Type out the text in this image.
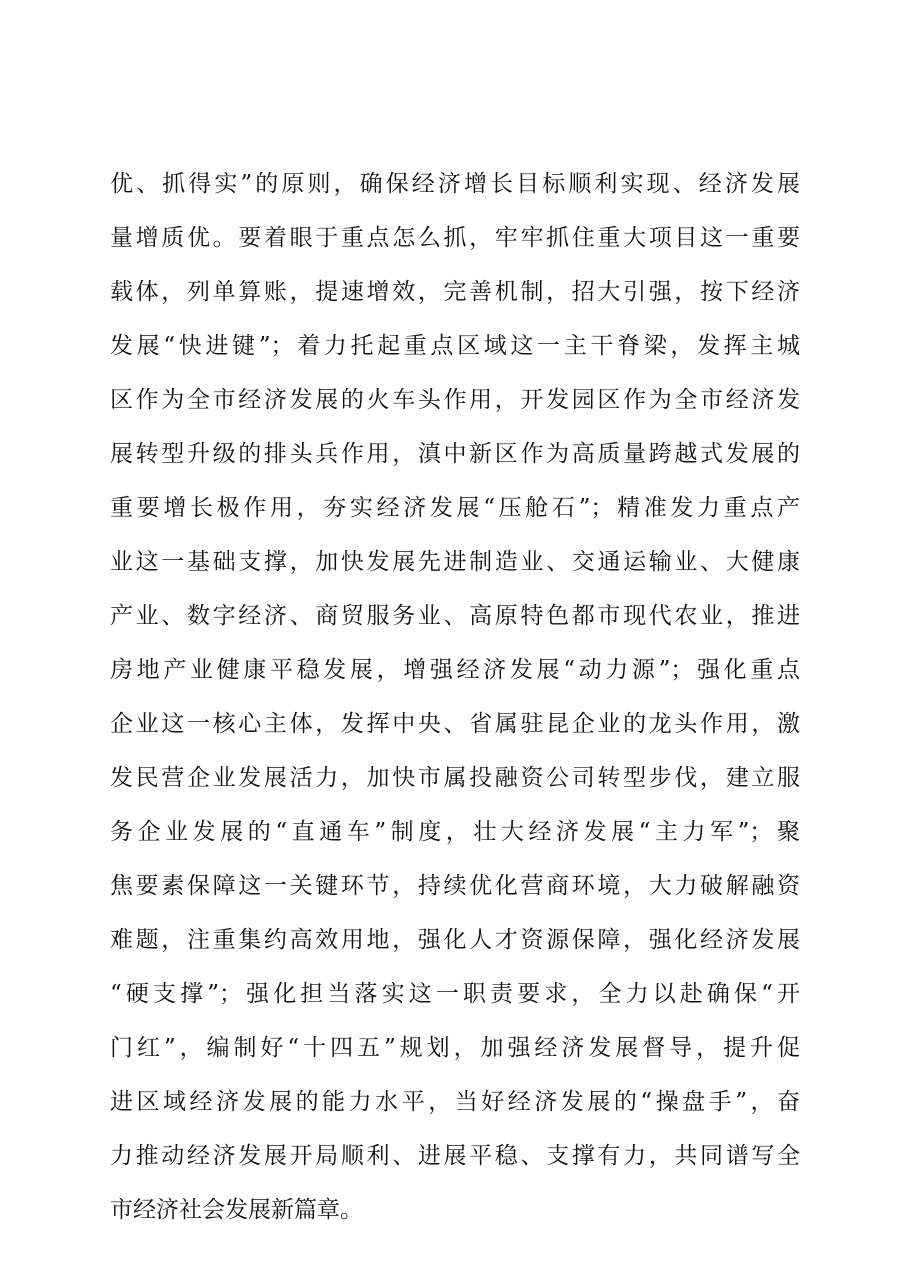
优、抓得实”的原则，确保经济增长目标顺利实现、经济发展
量增质优。要着眼于重点怎么抓，牢牢抓住重大项目这一重要
载体，列单算账，提速增效，完善机制，招大引强，按下经济
发展“快进键”；着力托起重点区域这一主干脊梁，发挥主城
区作为全市经济发展的火车头作用，开发园区作为全市经济发
展转型升级的排头兵作用，滇中新区作为高质量跨越式发展的
重要增长极作用，夯实经济发展“压舱石”；精准发力重点产
业这一基础支撑，加快发展先进制造业、交通运输业、大健康
产业、数字经济、商贸服务业、高原特色都市现代农业，推进
房地产业健康平稳发展，增强经济发展“动力源”；强化重点
企业这一核心主体，发挥中央、省属驻昆企业的龙头作用，激
发民营企业发展活力，加快市属投融资公司转型步伐，建立服
务企业发展的“直通车”制度，壮大经济发展“主力军”；聚
焦要素保障这一关键环节，持续优化营商环境，大力破解融资
难题，注重集约高效用地，强化人才资源保障，强化经济发展
“硬支撑”；强化担当落实这一职责要求，全力以赴确保“开
门红”，编制好“十四五”规划，加强经济发展督导，提升促
进区域经济发展的能力水平，当好经济发展的“操盘手”，奋
力推动经济发展开局顺利、进展平稳、支撑有力，共同谱写全
市经济社会发展新篇章。
